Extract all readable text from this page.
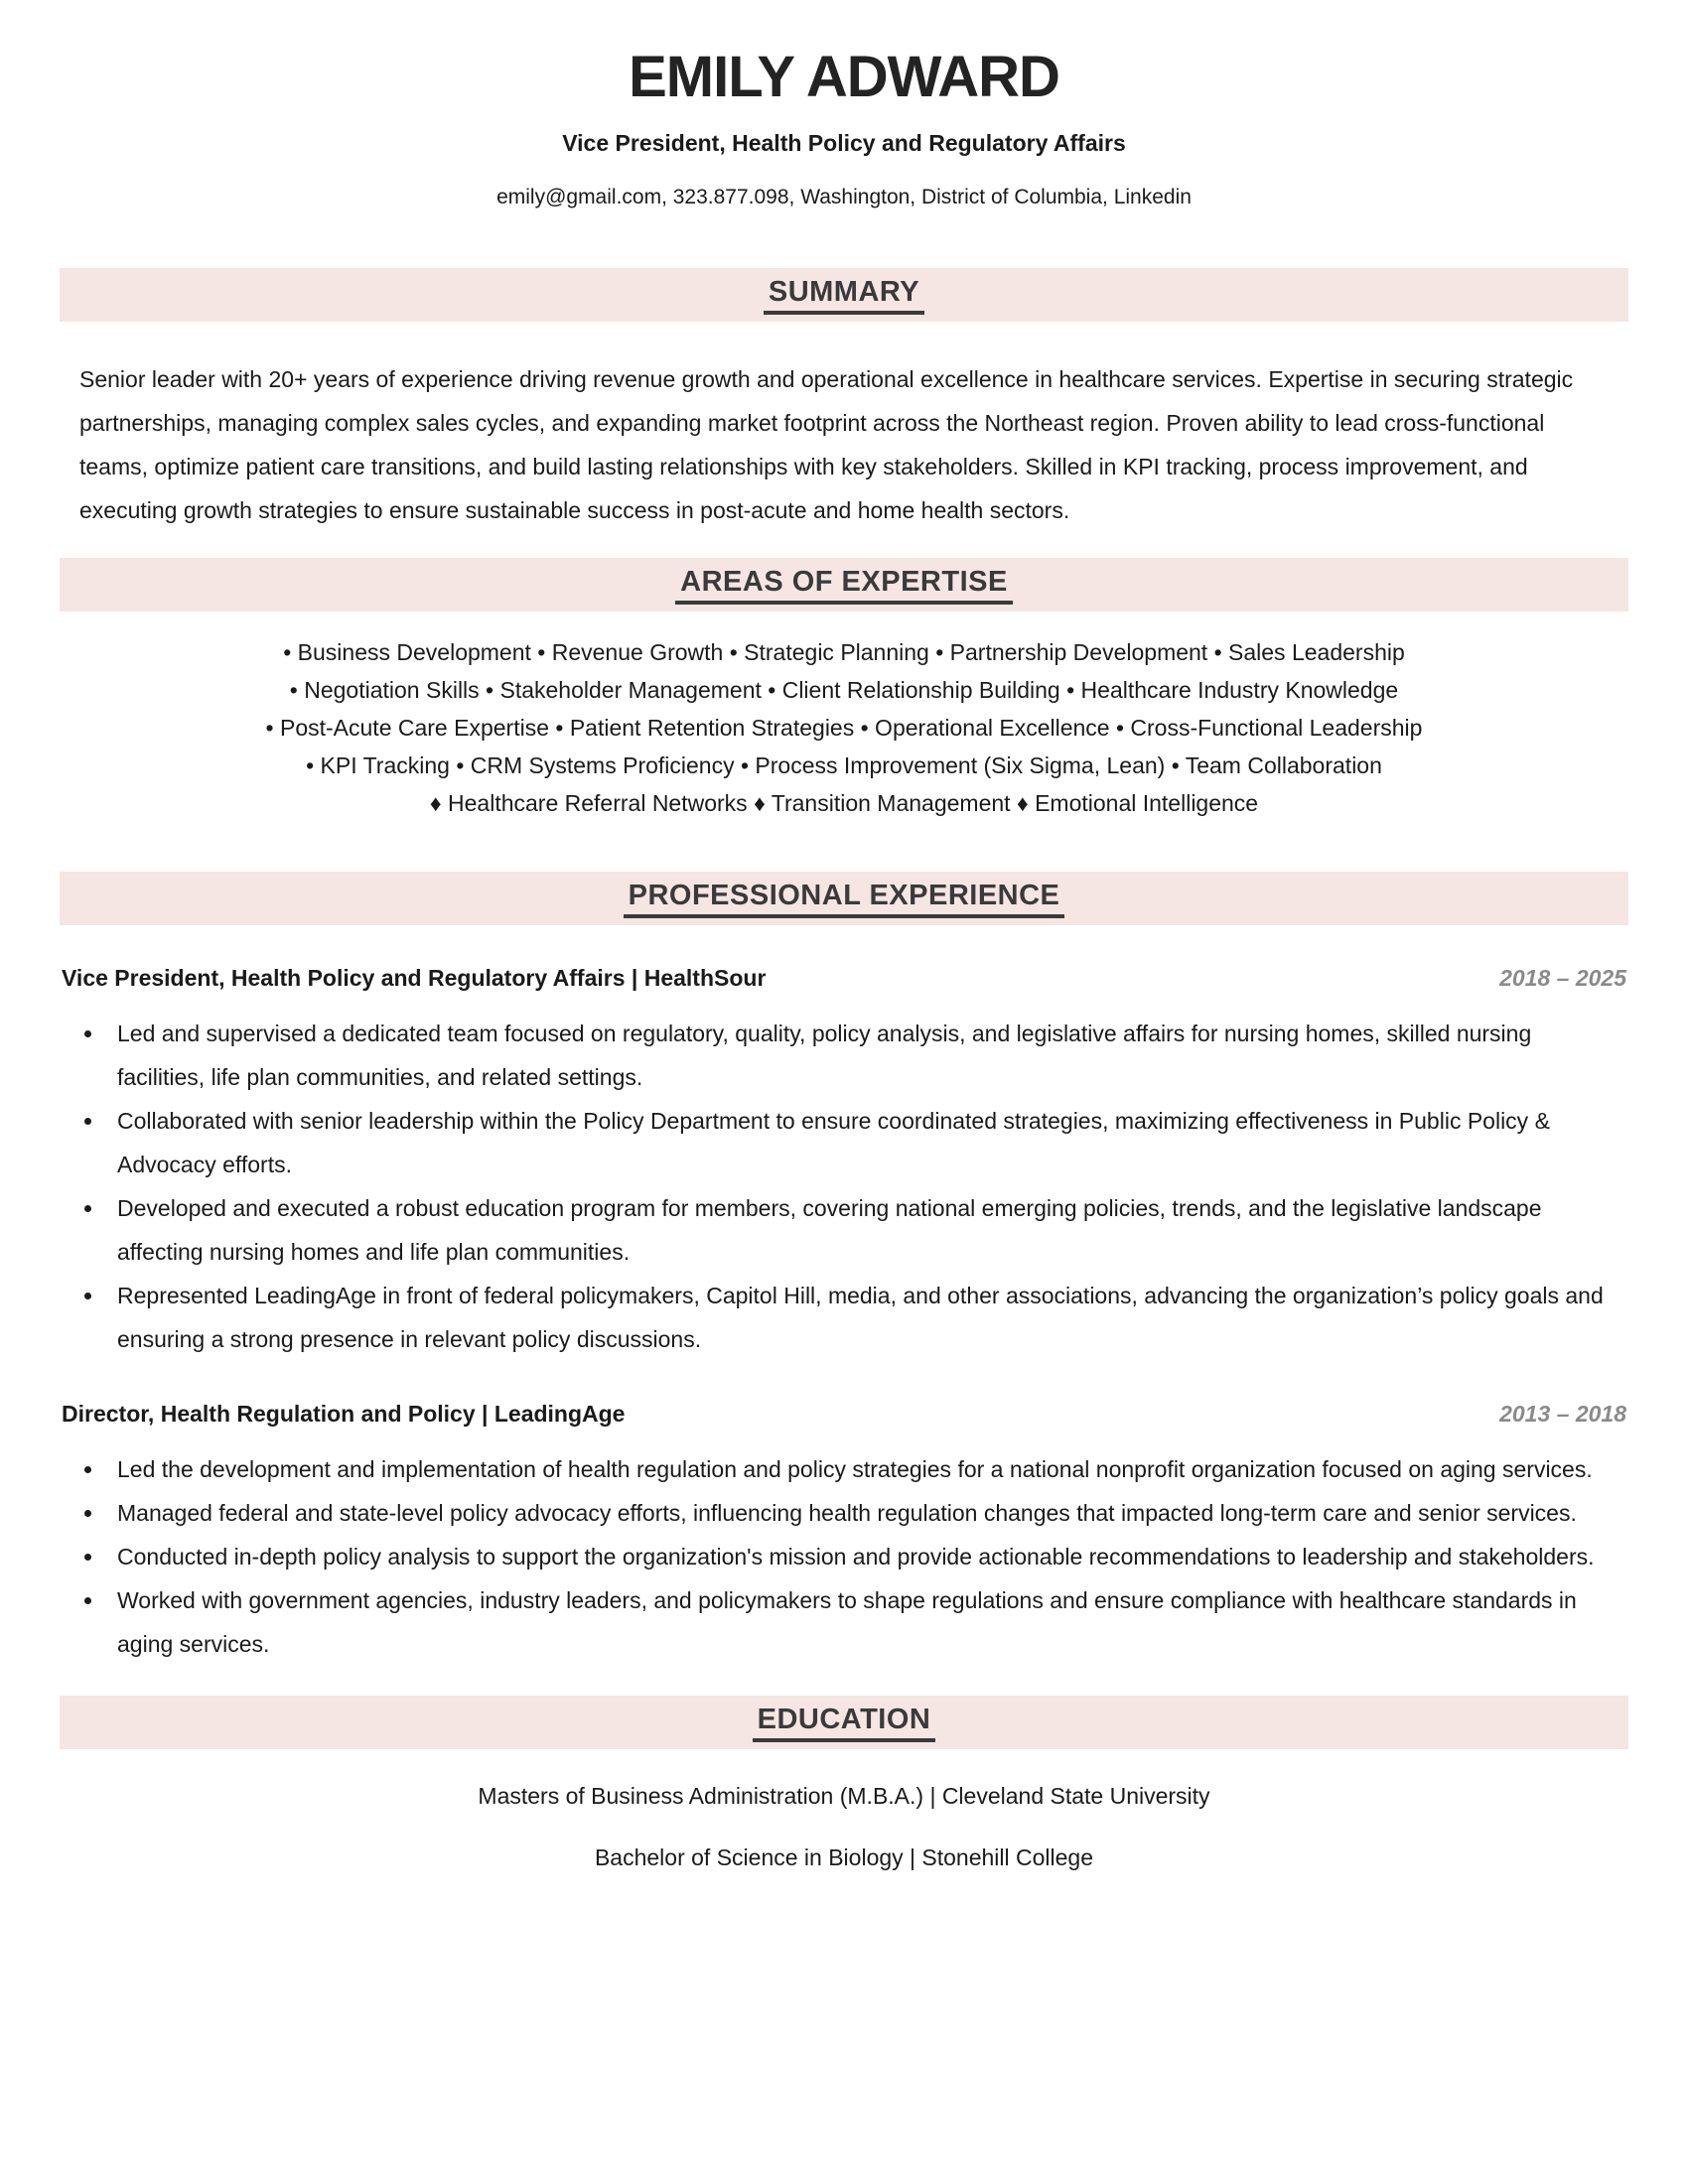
EMILY ADWARD
Vice President, Health Policy and Regulatory Affairs
emily@gmail.com, 323.877.098, Washington, District of Columbia, Linkedin
SUMMARY

Senior leader with 20+ years of experience driving revenue growth and operational excellence in healthcare services. Expertise in securing strategic partnerships, managing complex sales cycles, and expanding market footprint across the Northeast region. Proven ability to lead cross-functional teams, optimize patient care transitions, and build lasting relationships with key stakeholders. Skilled in KPI tracking, process improvement, and executing growth strategies to ensure sustainable success in post-acute and home health sectors.

AREAS OF EXPERTISE
• Business Development • Revenue Growth • Strategic Planning • Partnership Development • Sales Leadership
• Negotiation Skills • Stakeholder Management • Client Relationship Building • Healthcare Industry Knowledge
• Post-Acute Care Expertise • Patient Retention Strategies • Operational Excellence • Cross-Functional Leadership
• KPI Tracking • CRM Systems Proficiency • Process Improvement (Six Sigma, Lean) • Team Collaboration
♦ Healthcare Referral Networks ♦ Transition Management ♦ Emotional Intelligence
PROFESSIONAL EXPERIENCE
Vice President, Health Policy and Regulatory Affairs | HealthSour	2018 – 2025
• Led and supervised a dedicated team focused on regulatory, quality, policy analysis, and legislative affairs for nursing homes, skilled nursing facilities, life plan communities, and related settings.
• Collaborated with senior leadership within the Policy Department to ensure coordinated strategies, maximizing effectiveness in Public Policy & Advocacy efforts.
• Developed and executed a robust education program for members, covering national emerging policies, trends, and the legislative landscape affecting nursing homes and life plan communities.
• Represented LeadingAge in front of federal policymakers, Capitol Hill, media, and other associations, advancing the organization’s policy goals and ensuring a strong presence in relevant policy discussions.
Director, Health Regulation and Policy | LeadingAge	2013 – 2018
• Led the development and implementation of health regulation and policy strategies for a national nonprofit organization focused on aging services.
• Managed federal and state-level policy advocacy efforts, influencing health regulation changes that impacted long-term care and senior services.
• Conducted in-depth policy analysis to support the organization's mission and provide actionable recommendations to leadership and stakeholders.
• Worked with government agencies, industry leaders, and policymakers to shape regulations and ensure compliance with healthcare standards in aging services.
EDUCATION
Masters of Business Administration (M.B.A.) | Cleveland State University
Bachelor of Science in Biology | Stonehill College
